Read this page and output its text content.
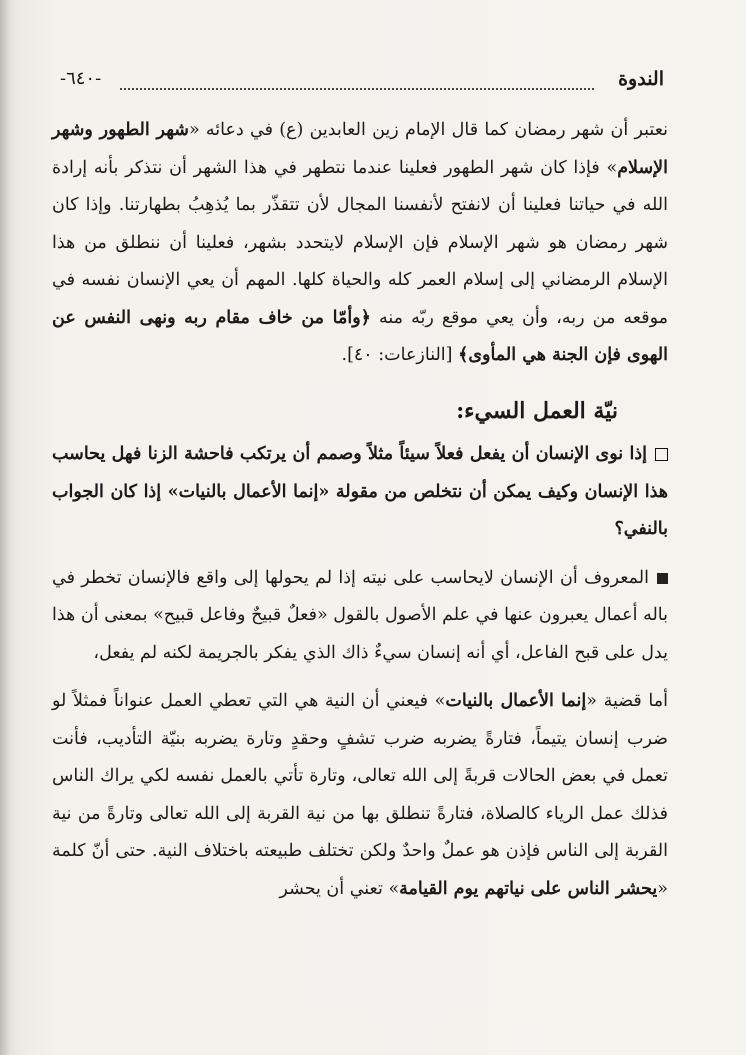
الندوة
-٦٤٠-

نعتبر أن شهر رمضان كما قال الإمام زين العابدين (ع) في دعائه «شهر الطهور وشهر الإسلام» فإذا كان شهر الطهور فعلينا عندما نتطهر في هذا الشهر أن نتذكر بأنه إرادة الله في حياتنا فعلينا أن لانفتح لأنفسنا المجال لأن تتقذّر بما يُذهِبُ بطهارتنا. وإذا كان شهر رمضان هو شهر الإسلام فإن الإسلام لايتحدد بشهر، فعلينا أن ننطلق من هذا الإسلام الرمضاني إلى إسلام العمر كله والحياة كلها. المهم أن يعي الإنسان نفسه في موقعه من ربه، وأن يعي موقع ربّه منه ﴿وأمّا من خاف مقام ربه ونهى النفس عن الهوى فإن الجنة هي المأوى﴾ [النازعات: ٤٠].

نيّة العمل السيء:

إذا نوى الإنسان أن يفعل فعلاً سيئاً مثلاً وصمم أن يرتكب فاحشة الزنا فهل يحاسب هذا الإنسان وكيف يمكن أن نتخلص من مقولة «إنما الأعمال بالنيات» إذا كان الجواب بالنفي؟

المعروف أن الإنسان لايحاسب على نيته إذا لم يحولها إلى واقع فالإنسان تخطر في باله أعمال يعبرون عنها في علم الأصول بالقول «فعلٌ قبيحٌ وفاعل قبيح» بمعنى أن هذا يدل على قبح الفاعل، أي أنه إنسان سيءٌ ذاك الذي يفكر بالجريمة لكنه لم يفعل،

أما قضية «إنما الأعمال بالنيات» فيعني أن النية هي التي تعطي العمل عنواناً فمثلاً لو ضرب إنسان يتيماً، فتارةً يضربه ضرب تشفٍ وحقدٍ وتارة يضربه بنيّة التأديب، فأنت تعمل في بعض الحالات قربةً إلى الله تعالى، وتارة تأتي بالعمل نفسه لكي يراك الناس فذلك عمل الرياء كالصلاة، فتارةً تنطلق بها من نية القربة إلى الله تعالى وتارةً من نية القربة إلى الناس فإذن هو عملٌ واحدٌ ولكن تختلف طبيعته باختلاف النية. حتى أنّ كلمة «يحشر الناس على نياتهم يوم القيامة» تعني أن يحشر
